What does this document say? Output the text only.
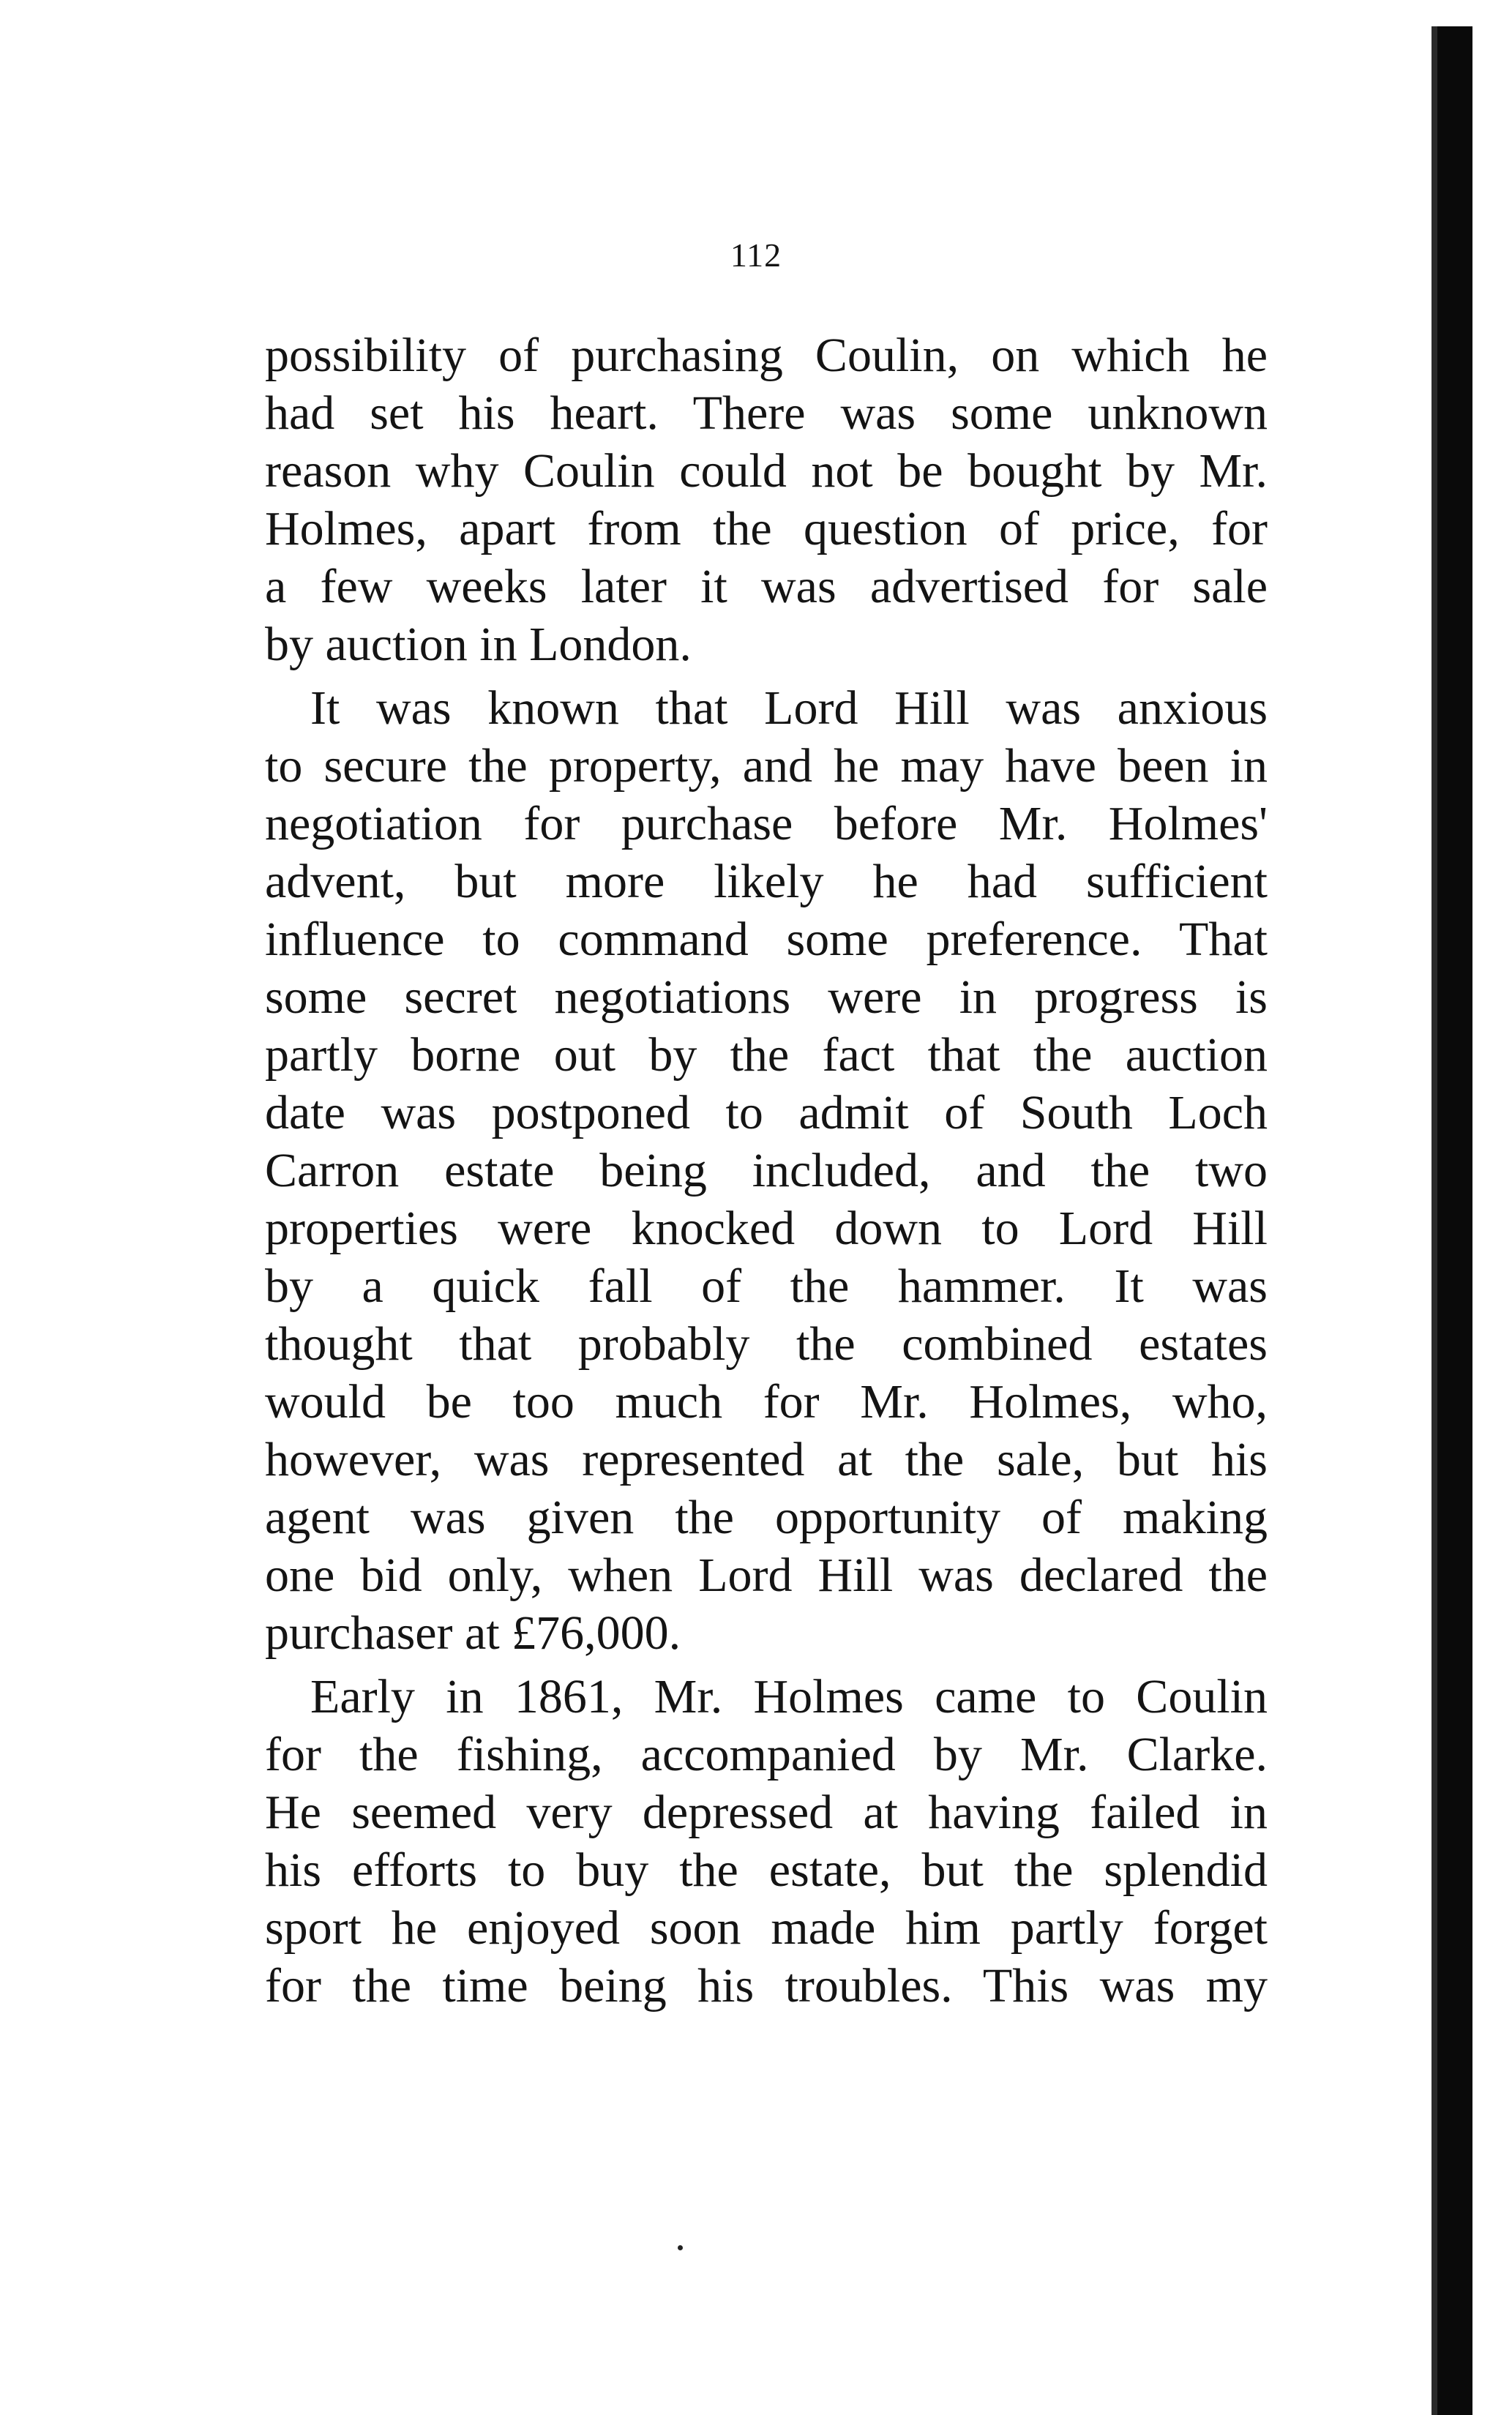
112
possibility of purchasing Coulin, on which he
had set his heart. There was some unknown
reason why Coulin could not be bought by Mr.
Holmes, apart from the question of price, for
a few weeks later it was advertised for sale
by auction in London.
It was known that Lord Hill was anxious
to secure the property, and he may have been in
negotiation for purchase before Mr. Holmes'
advent, but more likely he had sufficient
influence to command some preference. That
some secret negotiations were in progress is
partly borne out by the fact that the auction
date was postponed to admit of South Loch
Carron estate being included, and the two
properties were knocked down to Lord Hill
by a quick fall of the hammer. It was
thought that probably the combined estates
would be too much for Mr. Holmes, who,
however, was represented at the sale, but his
agent was given the opportunity of making
one bid only, when Lord Hill was declared the
purchaser at £76,000.
Early in 1861, Mr. Holmes came to Coulin
for the fishing, accompanied by Mr. Clarke.
He seemed very depressed at having failed in
his efforts to buy the estate, but the splendid
sport he enjoyed soon made him partly forget
for the time being his troubles. This was my
